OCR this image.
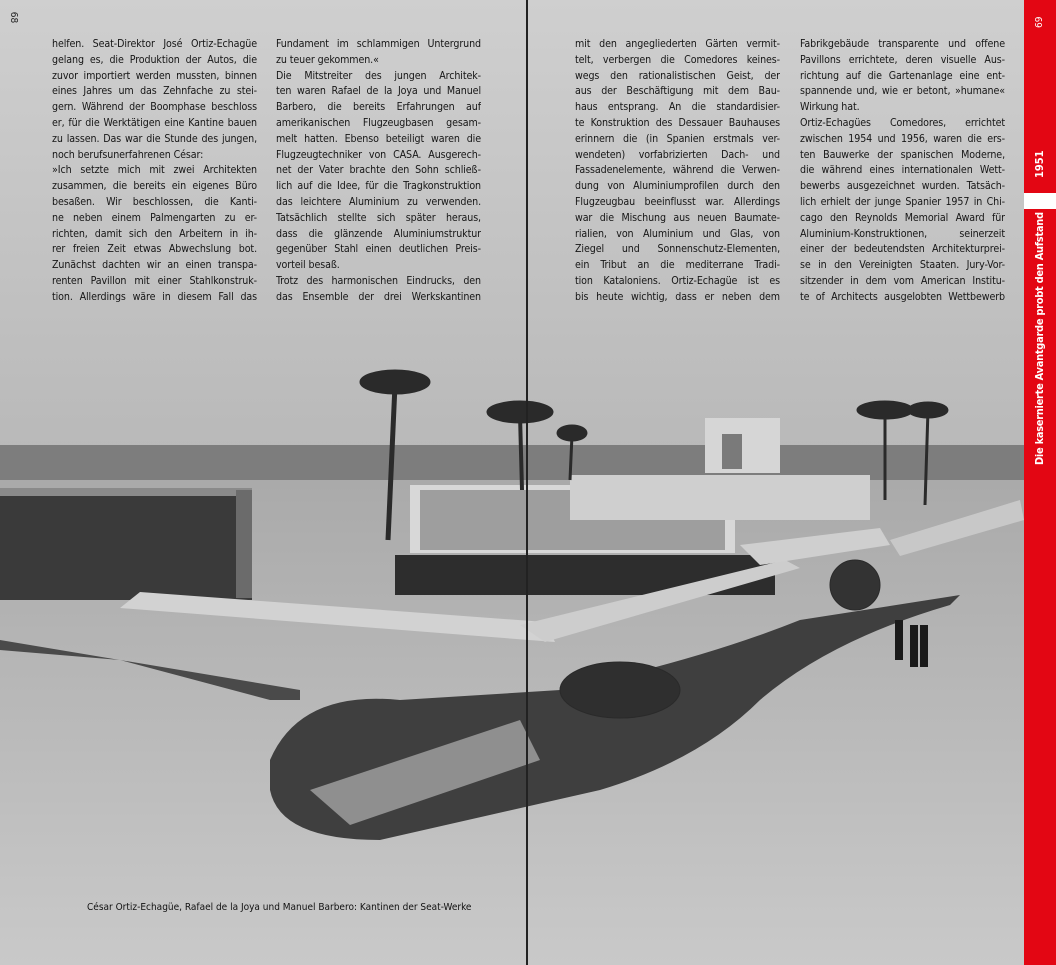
68
helfen. Seat-Direktor José Ortiz-Echagüe
gelang es, die Produktion der Autos, die
zuvor importiert werden mussten, binnen
eines Jahres um das Zehnfache zu stei-
gern. Während der Boomphase beschloss
er, für die Werktätigen eine Kantine bauen
zu lassen. Das war die Stunde des jungen,
noch berufsunerfahrenen César:
»Ich setzte mich mit zwei Architekten
zusammen, die bereits ein eigenes Büro
besaßen. Wir beschlossen, die Kanti-
ne neben einem Palmengarten zu er-
richten, damit sich den Arbeitern in ih-
rer freien Zeit etwas Abwechslung bot.
Zunächst dachten wir an einen transpa-
renten Pavillon mit einer Stahlkonstruk-
tion. Allerdings wäre in diesem Fall das
Fundament im schlammigen Untergrund
zu teuer gekommen.«
Die Mitstreiter des jungen Architek-
ten waren Rafael de la Joya und Manuel
Barbero, die bereits Erfahrungen auf
amerikanischen Flugzeugbasen gesam-
melt hatten. Ebenso beteiligt waren die
Flugzeugtechniker von CASA. Ausgerech-
net der Vater brachte den Sohn schließ-
lich auf die Idee, für die Tragkonstruktion
das leichtere Aluminium zu verwenden.
Tatsächlich stellte sich später heraus,
dass die glänzende Aluminiumstruktur
gegenüber Stahl einen deutlichen Preis-
vorteil besaß.
Trotz des harmonischen Eindrucks, den
das Ensemble der drei Werkskantinen
mit den angegliederten Gärten vermit-
telt, verbergen die Comedores keines-
wegs den rationalistischen Geist, der
aus der Beschäftigung mit dem Bau-
haus entsprang. An die standardisier-
te Konstruktion des Dessauer Bauhauses
erinnern die (in Spanien erstmals ver-
wendeten) vorfabrizierten Dach- und
Fassadenelemente, während die Verwen-
dung von Aluminiumprofilen durch den
Flugzeugbau beeinflusst war. Allerdings
war die Mischung aus neuen Baumate-
rialien, von Aluminium und Glas, von
Ziegel und Sonnenschutz-Elementen,
ein Tribut an die mediterrane Tradi-
tion Kataloniens. Ortiz-Echagüe ist es
bis heute wichtig, dass er neben dem
Fabrikgebäude transparente und offene
Pavillons errichtete, deren visuelle Aus-
richtung auf die Gartenanlage eine ent-
spannende und, wie er betont, »humane«
Wirkung hat.
Ortiz-Echagües Comedores, errichtet
zwischen 1954 und 1956, waren die ers-
ten Bauwerke der spanischen Moderne,
die während eines internationalen Wett-
bewerbs ausgezeichnet wurden. Tatsäch-
lich erhielt der junge Spanier 1957 in Chi-
cago den Reynolds Memorial Award für
Aluminium-Konstruktionen, seinerzeit
einer der bedeutendsten Architekturprei-
se in den Vereinigten Staaten. Jury-Vor-
sitzender in dem vom American Institu-
te of Architects ausgelobten Wettbewerb
69
1951
Die kasernierte Avantgarde probt den Aufstand
César Ortiz-Echagüe, Rafael de la Joya und Manuel Barbero: Kantinen der Seat-Werke
